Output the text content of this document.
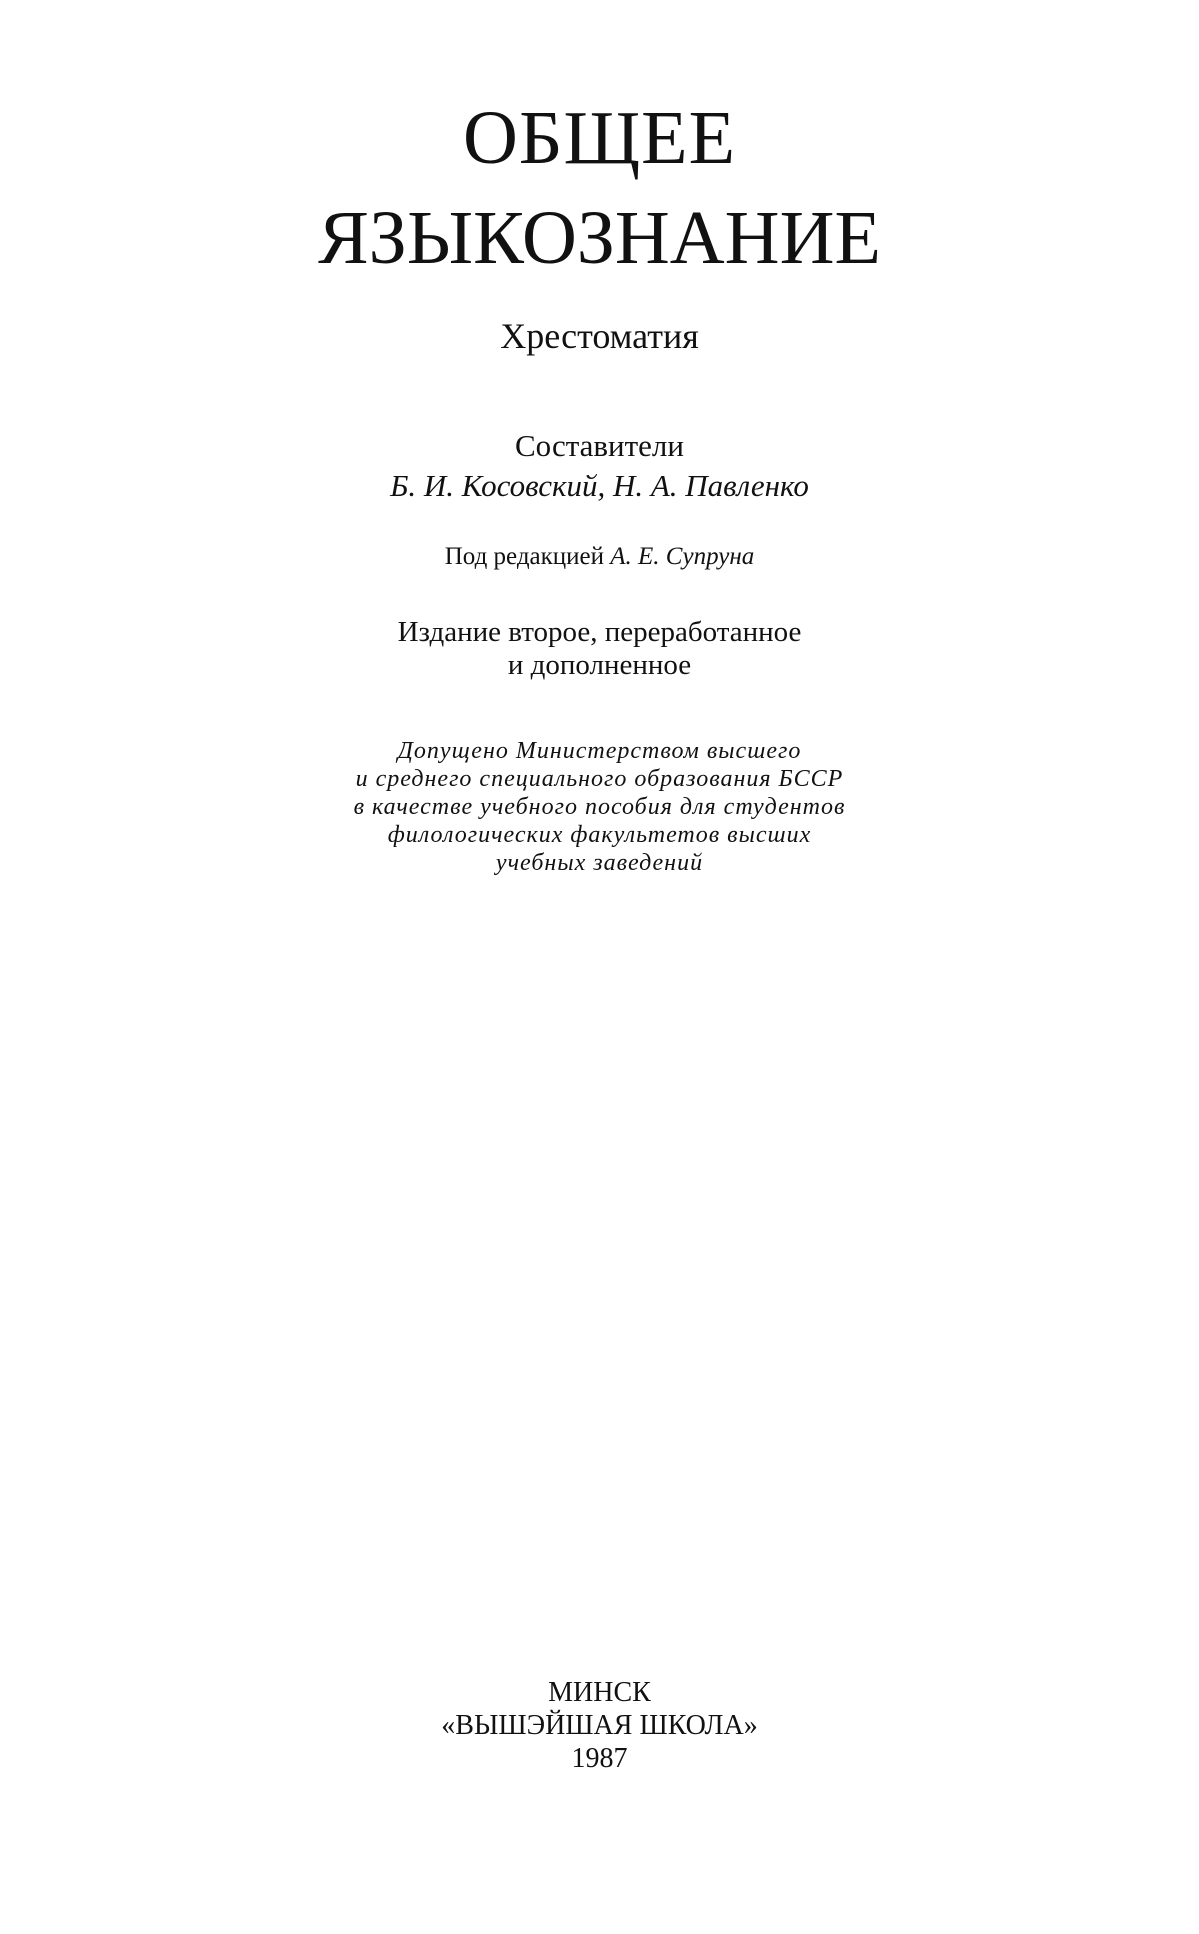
ОБЩЕЕ
ЯЗЫКОЗНАНИЕ
Хрестоматия
Составители
Б. И. Косовский, Н. А. Павленко
Под редакцией А. Е. Супруна
Издание второе, переработанное
и дополненное
Допущено Министерством высшего
и среднего специального образования БССР
в качестве учебного пособия для студентов
филологических факультетов высших
учебных заведений
МИНСК
«ВЫШЭЙШАЯ ШКОЛА»
1987
